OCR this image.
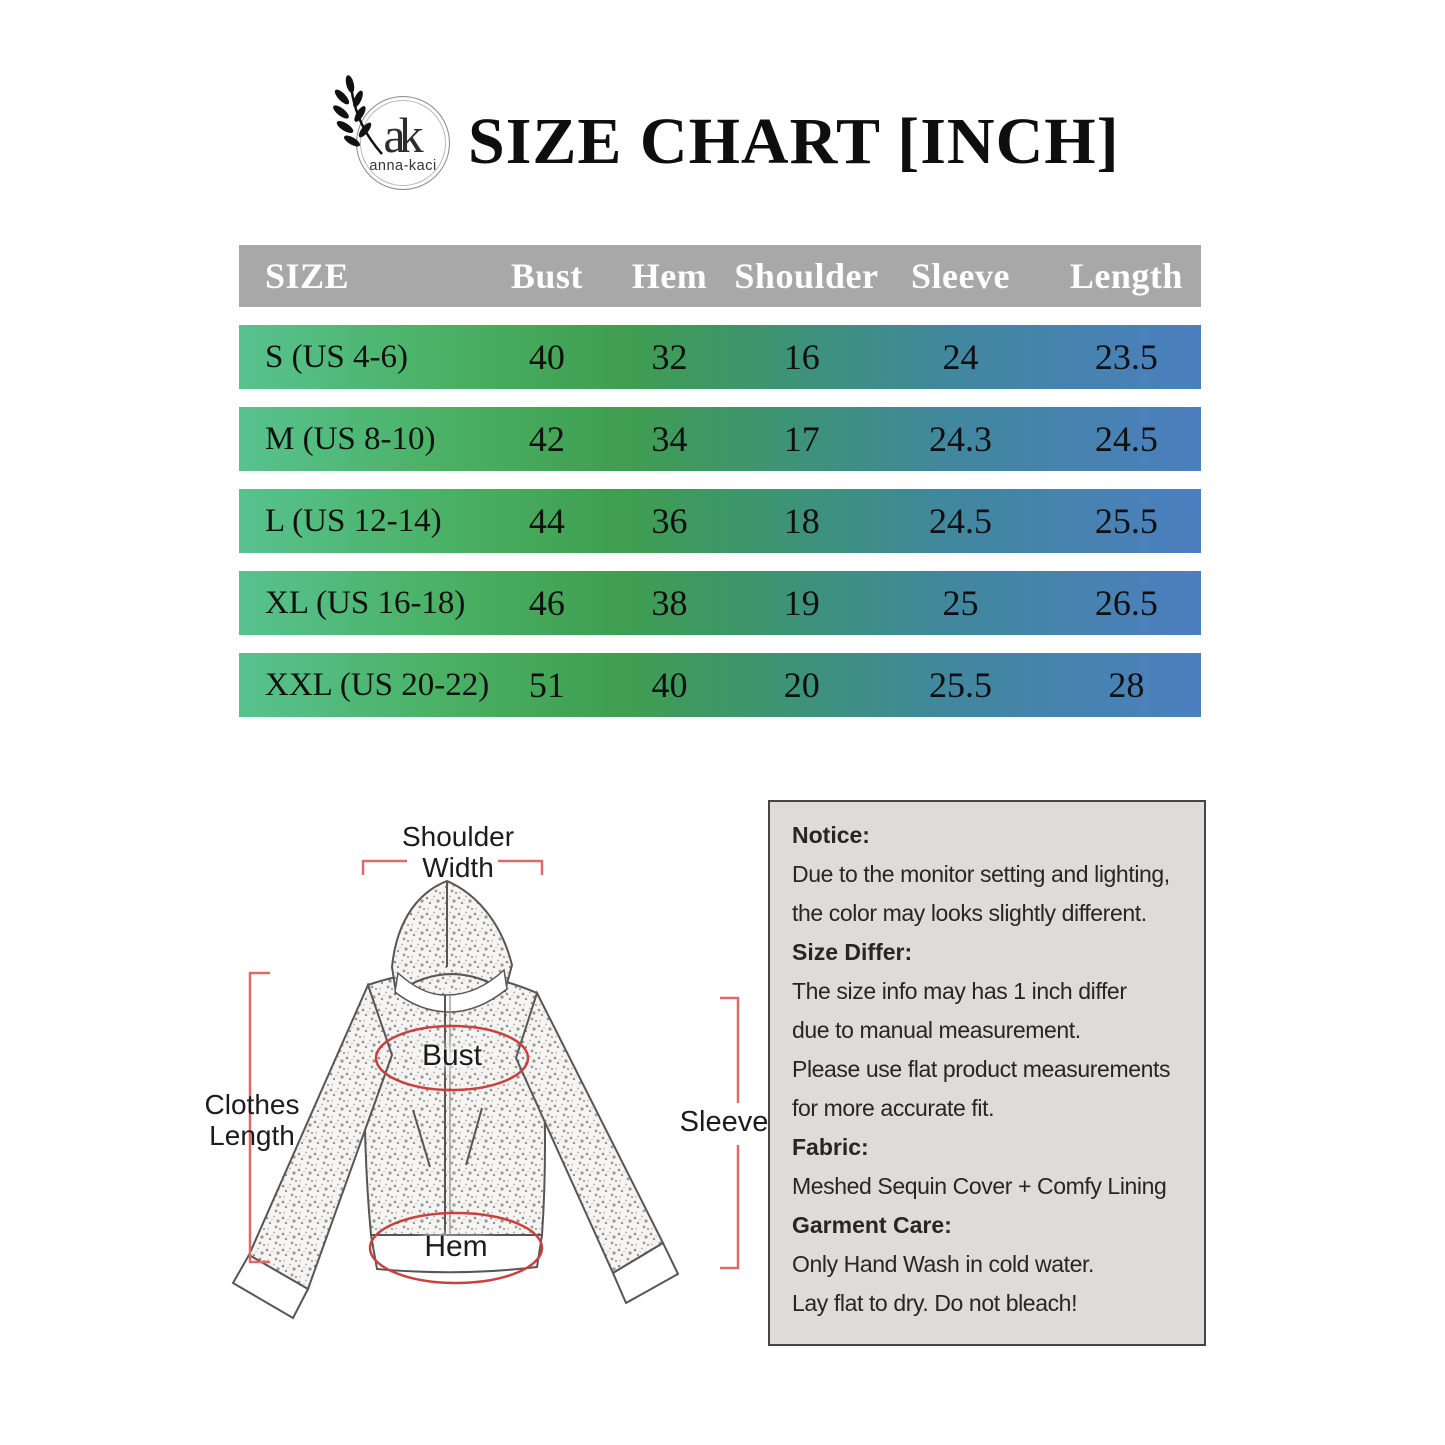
ak
anna-kaci SIZE CHART [INCH]
SIZE	Bust	Hem Shoulder Sleeve	Length
S (US 4-6)	40	32	16	24	23.5
M (US 8-10)	42	34	17	24.3	24.5
L (US 12-14)	44	36	18	24.5	25.5
XL (US 16-18)	46	38	19	25	26.5
XXL (US 20-22)	51	40	20	25.5	28
Shoulder
Width
Clothes
Length	Sleeve
Bust
Hem
Notice:
Due to the monitor setting and lighting,
the color may looks slightly different.
Size Differ:
The size info may has 1 inch differ
due to manual measurement.
Please use flat product measurements
for more accurate fit.
Fabric:
Meshed Sequin Cover + Comfy Lining
Garment Care:
Only Hand Wash in cold water.
Lay flat to dry. Do not bleach!
